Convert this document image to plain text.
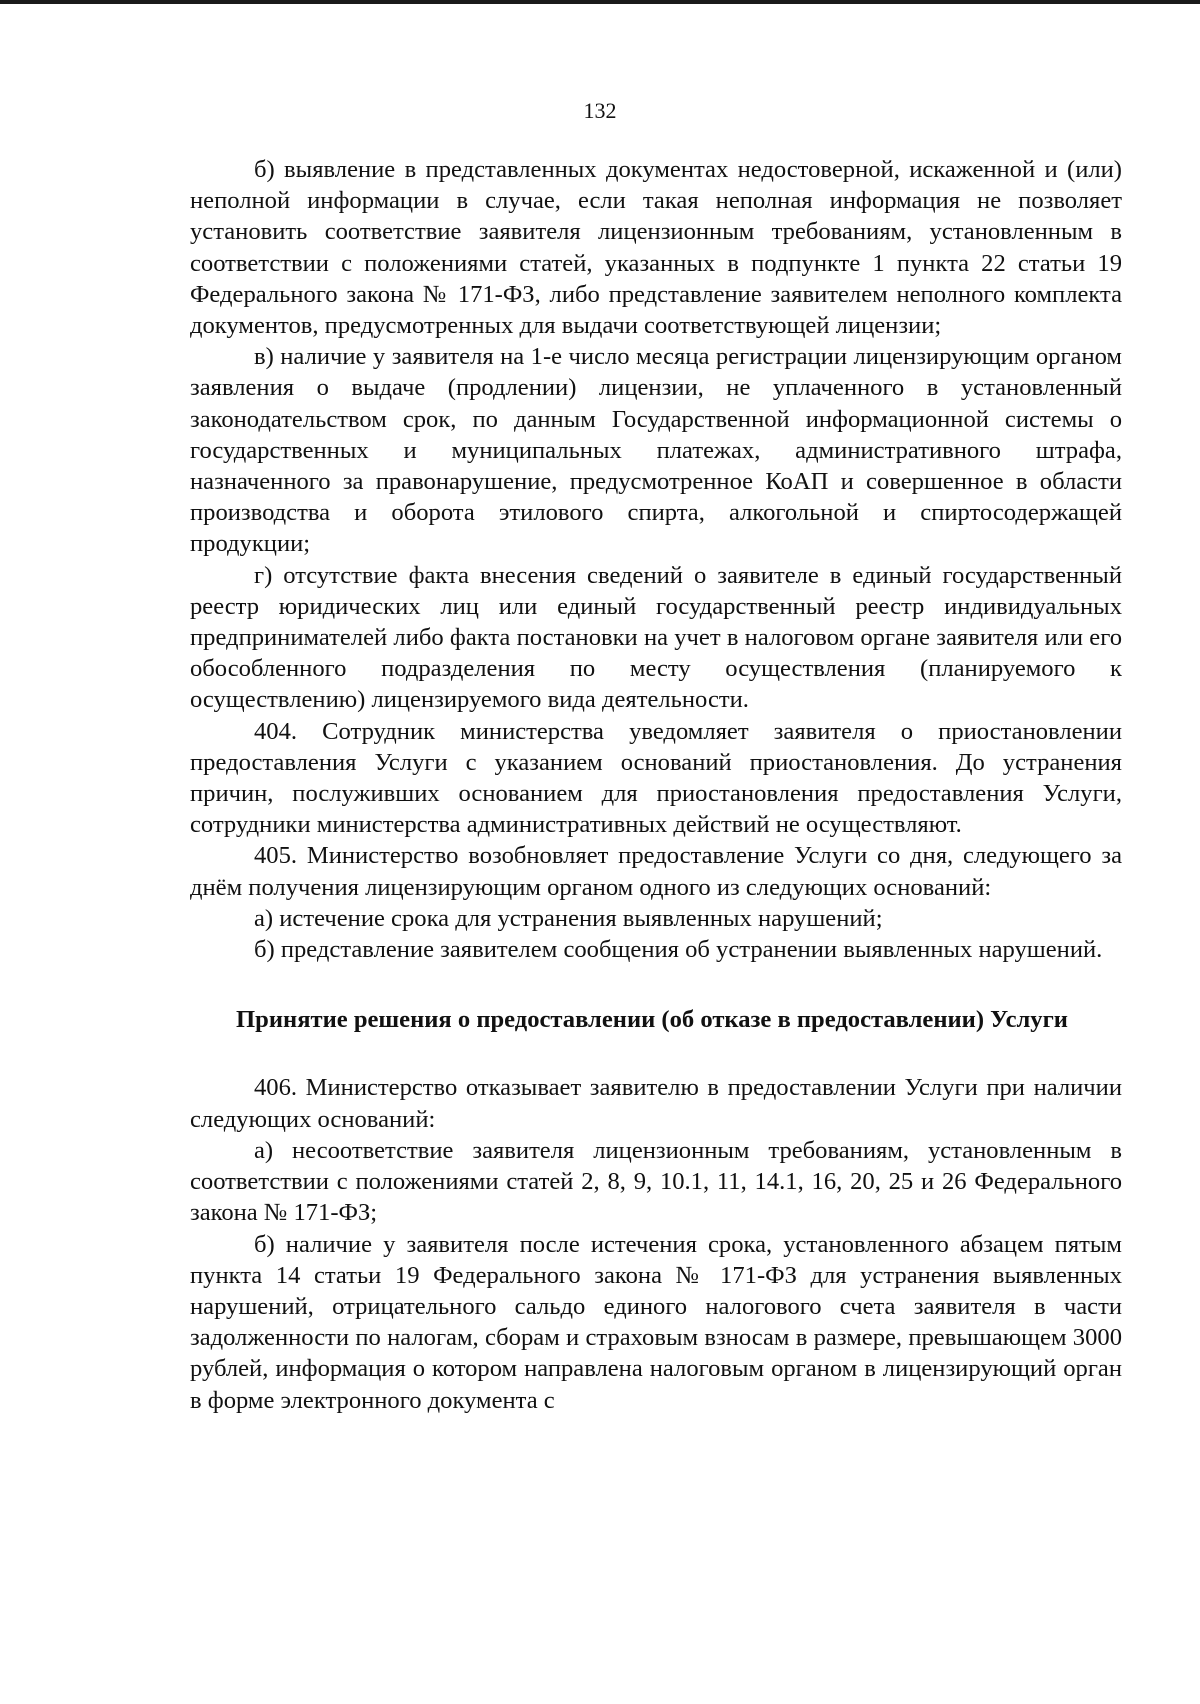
132

б) выявление в представленных документах недостоверной, искаженной и (или) неполной информации в случае, если такая неполная информация не позволяет установить соответствие заявителя лицензионным требованиям, установленным в соответствии с положениями статей, указанных в подпункте 1 пункта 22 статьи 19 Федерального закона № 171-ФЗ, либо представление заявителем неполного комплекта документов, предусмотренных для выдачи соответствующей лицензии;

в) наличие у заявителя на 1-е число месяца регистрации лицензирующим органом заявления о выдаче (продлении) лицензии, не уплаченного в установленный законодательством срок, по данным Государственной информационной системы о государственных и муниципальных платежах, административного штрафа, назначенного за правонарушение, предусмотренное КоАП и совершенное в области производства и оборота этилового спирта, алкогольной и спиртосодержащей продукции;

г) отсутствие факта внесения сведений о заявителе в единый государственный реестр юридических лиц или единый государственный реестр индивидуальных предпринимателей либо факта постановки на учет в налоговом органе заявителя или его обособленного подразделения по месту осуществления (планируемого к осуществлению) лицензируемого вида деятельности.

404. Сотрудник министерства уведомляет заявителя о приостановлении предоставления Услуги с указанием оснований приостановления. До устранения причин, послуживших основанием для приостановления предоставления Услуги, сотрудники министерства административных действий не осуществляют.

405. Министерство возобновляет предоставление Услуги со дня, следующего за днём получения лицензирующим органом одного из следующих оснований:

а) истечение срока для устранения выявленных нарушений;

б) представление заявителем сообщения об устранении выявленных нарушений.

Принятие решения о предоставлении (об отказе в предоставлении) Услуги

406. Министерство отказывает заявителю в предоставлении Услуги при наличии следующих оснований:

а) несоответствие заявителя лицензионным требованиям, установленным в соответствии с положениями статей 2, 8, 9, 10.1, 11, 14.1, 16, 20, 25 и 26 Федерального закона № 171-ФЗ;

б) наличие у заявителя после истечения срока, установленного абзацем пятым пункта 14 статьи 19 Федерального закона № 171-ФЗ для устранения выявленных нарушений, отрицательного сальдо единого налогового счета заявителя в части задолженности по налогам, сборам и страховым взносам в размере, превышающем 3000 рублей, информация о котором направлена налоговым органом в лицензирующий орган в форме электронного документа с
